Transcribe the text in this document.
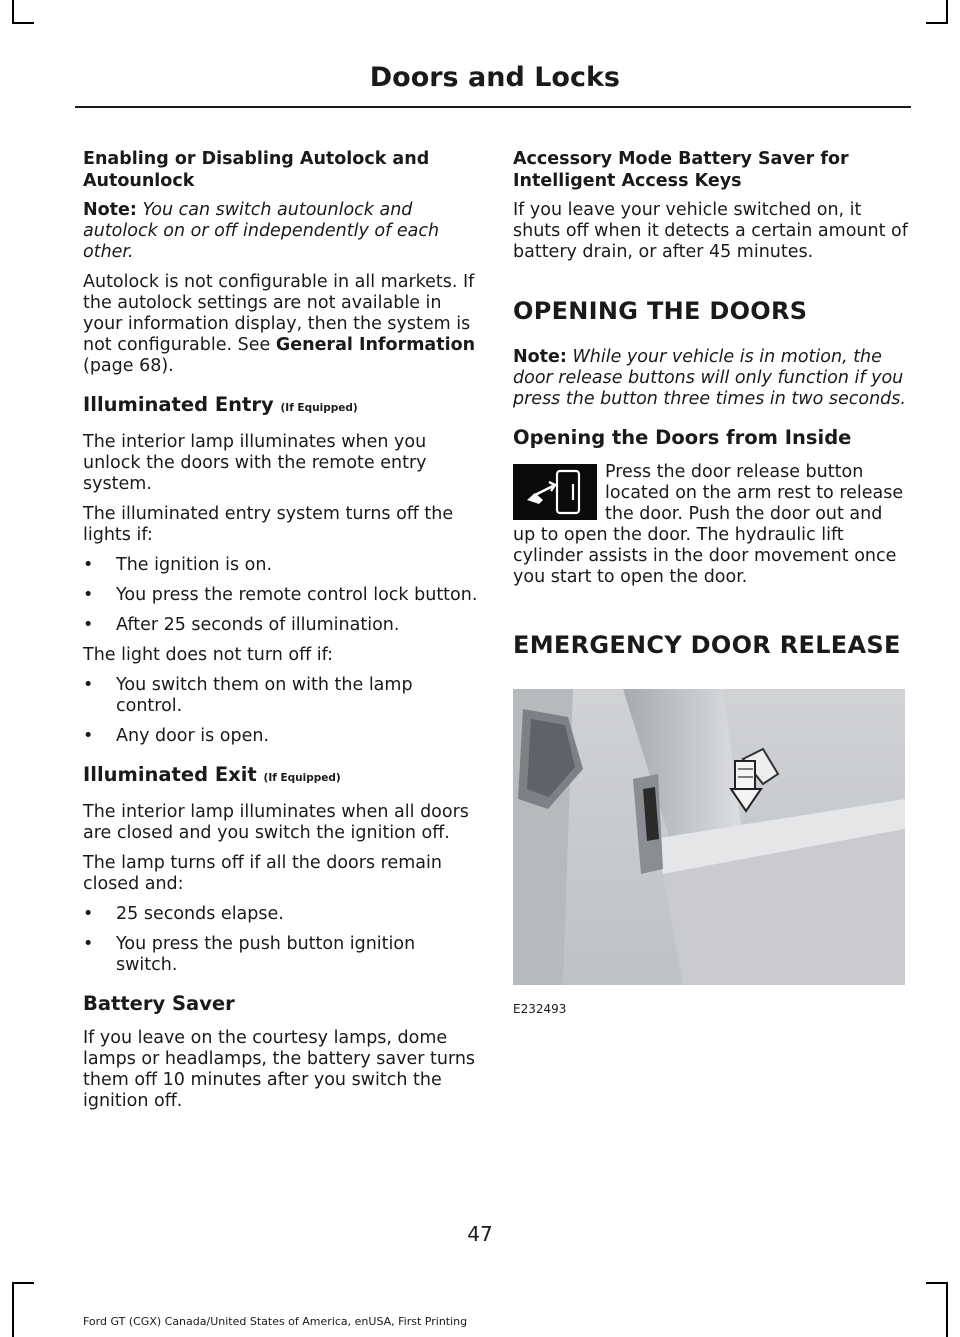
Doors and Locks
Enabling or Disabling Autolock and Autounlock

Note: You can switch autounlock and autolock on or off independently of each other.

Autolock is not configurable in all markets. If the autolock settings are not available in your information display, then the system is not configurable. See General Information (page 68).

Illuminated Entry (If Equipped)

The interior lamp illuminates when you unlock the doors with the remote entry system.

The illuminated entry system turns off the lights if:

• The ignition is on.
• You press the remote control lock button.
• After 25 seconds of illumination.

The light does not turn off if:

• You switch them on with the lamp control.
• Any door is open.
Illuminated Exit (If Equipped)

The interior lamp illuminates when all doors are closed and you switch the ignition off.

The lamp turns off if all the doors remain closed and:

• 25 seconds elapse.
• You press the push button ignition switch.
Battery Saver

If you leave on the courtesy lamps, dome lamps or headlamps, the battery saver turns them off 10 minutes after you switch the ignition off.

Accessory Mode Battery Saver for Intelligent Access Keys

If you leave your vehicle switched on, it shuts off when it detects a certain amount of battery drain, or after 45 minutes.

OPENING THE DOORS

Note: While your vehicle is in motion, the door release buttons will only function if you press the button three times in two seconds.

Opening the Doors from Inside

Press the door release button located on the arm rest to release the door. Push the door out and up to open the door. The hydraulic lift cylinder assists in the door movement once you start to open the door.

EMERGENCY DOOR RELEASE
E232493

47

Ford GT (CGX) Canada/United States of America, enUSA, First Printing
